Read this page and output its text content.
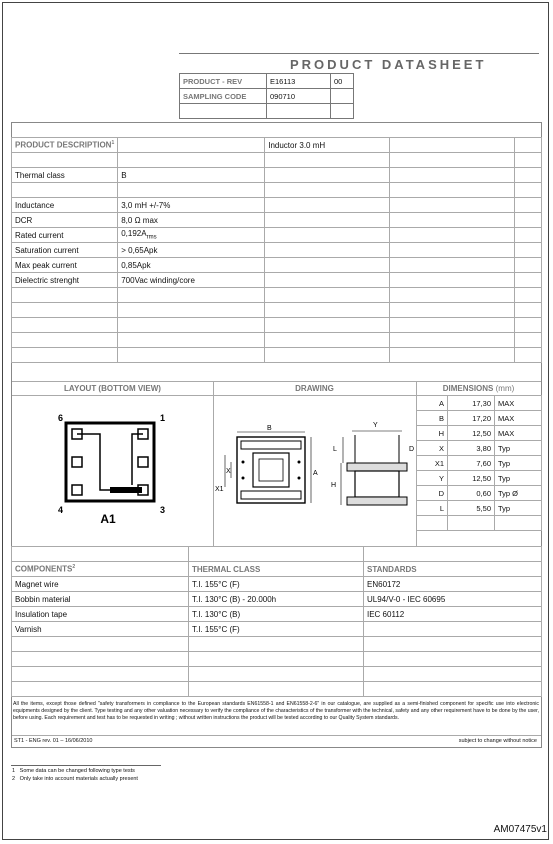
PRODUCT DATASHEET
PRODUCT - REV	E16113	00
SAMPLING CODE	090710	

PRODUCT DESCRIPTION$^1$		Inductor 3.0 mH		

Thermal class	B			

Inductance	3,0 mH +/-7%			
DCR	8,0 Ω max			
Rated current	$0,192A_{rms}$			
Saturation current	> 0,65Apk			
Max peak current	0,85Apk			
Dielectric strenght	700Vac winding/core			

LAYOUT (BOTTOM VIEW)	DRAWING	DIMENSIONS (mm)
6	1
4	3
A1
B
X
X1
A
Y
L	D
H
A	17,30	MAX
B	17,20	MAX
H	12,50	MAX
X	3,80	Typ
X1	7,60	Typ
Y	12,50	Typ
D	0,60	Typ Ø
L	5,50	Typ

COMPONENTS$^2$	THERMAL CLASS	STANDARDS
Magnet wire	T.I. 155°C (F)	EN60172
Bobbin material	T.I. 130°C (B) - 20.000h	UL94/V-0 - IEC 60695
Insulation tape	T.I. 130°C (B)	IEC 60112
Varnish	T.I. 155°C (F)	

All the items, except those defined "safety transformers in compliance to the European standards EN61558-1 and EN61558-2-6" in our catalogue, are supplied as a semi-finished component for specific use into electronic equipments designed by the client. Type testing and any other valuation necessary to verify the compliance of the characteristics of the transformer with the technical, safety and any other requirement have to be done by the user, before using. Each requirement and test has to be requested in writing ; without written instructions the product will be tested according to our Quality System standards.
ST1 - ENG rev. 01 – 16/06/2010	subject to change without notice
1 Some data can be changed following type tests
2 Only take into account materials actually present
AM07475v1
